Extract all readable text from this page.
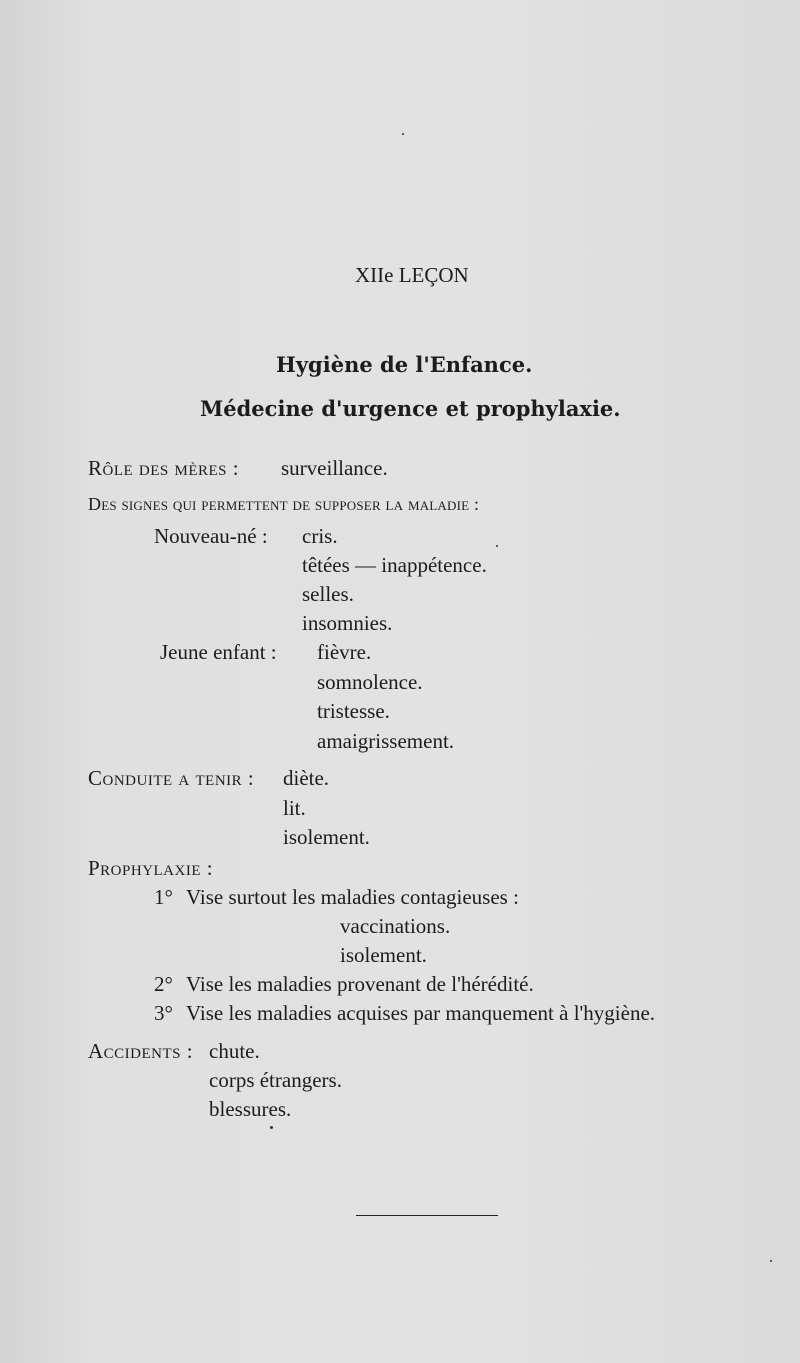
XIIe LEÇON
Hygiène de l'Enfance.
Médecine d'urgence et prophylaxie.
Rôle des mères : surveillance.
Des signes qui permettent de supposer la maladie :
Nouveau-né : cris.
têtées — inappétence.
selles.
insomnies.
Jeune enfant : fièvre.
somnolence.
tristesse.
amaigrissement.
Conduite a tenir : diète.
lit.
isolement.
Prophylaxie :
1° Vise surtout les maladies contagieuses :
vaccinations.
isolement.
2° Vise les maladies provenant de l'hérédité.
3° Vise les maladies acquises par manquement à l'hygiène.
Accidents : chute.
corps étrangers.
blessures.
